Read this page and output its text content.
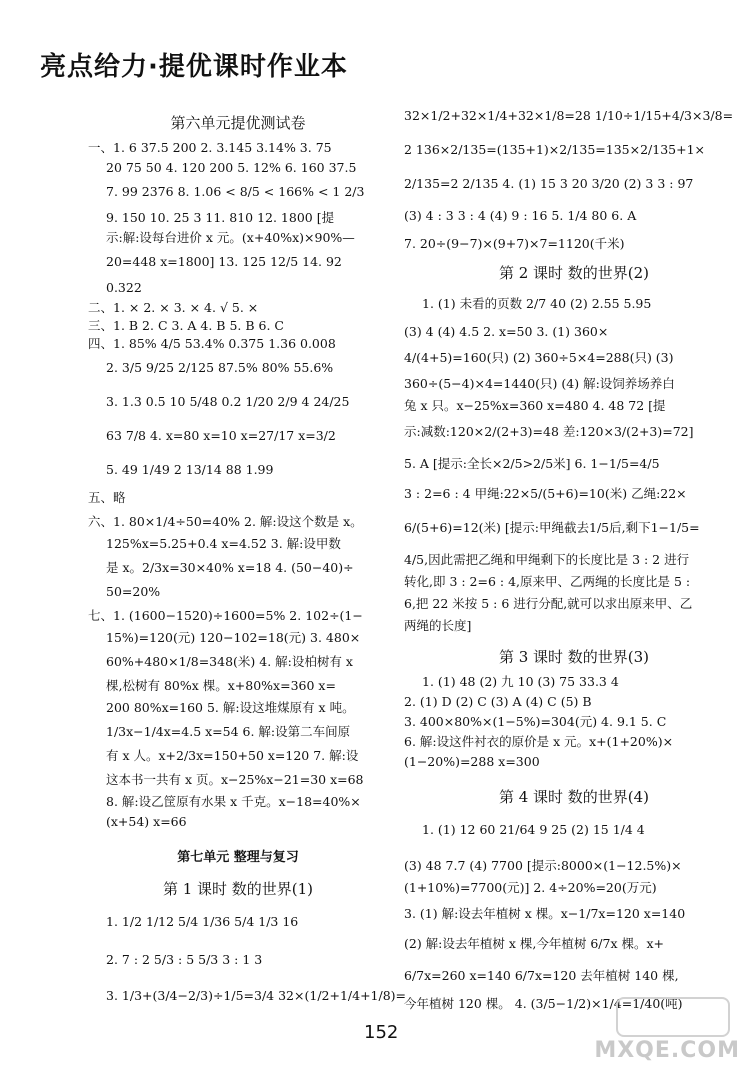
亮点给力·提优课时作业本
第六单元提优测试卷
一、1. 6 37.5 200 2. 3.145 3.14% 3. 75
20 75 50 4. 120 200 5. 12% 6. 160 37.5
7. 99 2376 8. 1.06 < 8/5 < 166% < 1 2/3
9. 150 10. 25 3 11. 810 12. 1800 [提
示:解:设每台进价 x 元。(x+40%x)×90%—
20=448 x=1800] 13. 125 12/5 14. 92
0.322
二、1. × 2. × 3. × 4. √ 5. ×
三、1. B 2. C 3. A 4. B 5. B 6. C
四、1. 85% 4/5 53.4% 0.375 1.36 0.008
2. 3/5 9/25 2/125 87.5% 80% 55.6%
3. 1.3 0.5 10 5/48 0.2 1/20 2/9 4 24/25
63 7/8 4. x=80 x=10 x=27/17 x=3/2
5. 49 1/49 2 13/14 88 1.99
五、略
六、1. 80×1/4÷50=40% 2. 解:设这个数是 x。
125%x=5.25+0.4 x=4.52 3. 解:设甲数
是 x。2/3x=30×40% x=18 4. (50−40)÷
50=20%
七、1. (1600−1520)÷1600=5% 2. 102÷(1−
15%)=120(元) 120−102=18(元) 3. 480×
60%+480×1/8=348(米) 4. 解:设柏树有 x
棵,松树有 80%x 棵。x+80%x=360 x=
200 80%x=160 5. 解:设这堆煤原有 x 吨。
1/3x−1/4x=4.5 x=54 6. 解:设第二车间原
有 x 人。x+2/3x=150+50 x=120 7. 解:设
这本书一共有 x 页。x−25%x−21=30 x=68
8. 解:设乙筐原有水果 x 千克。x−18=40%×
(x+54) x=66
第七单元 整理与复习
第 1 课时 数的世界(1)
1. 1/2 1/12 5/4 1/36 5/4 1/3 16
2. 7 : 2 5/3 : 5 5/3 3 : 1 3
3. 1/3+(3/4−2/3)÷1/5=3/4 32×(1/2+1/4+1/8)=
32×1/2+32×1/4+32×1/8=28 1/10÷1/15+4/3×3/8=
2 136×2/135=(135+1)×2/135=135×2/135+1×
2/135=2 2/135 4. (1) 15 3 20 3/20 (2) 3 3 : 97
(3) 4 : 3 3 : 4 (4) 9 : 16 5. 1/4 80 6. A
7. 20÷(9−7)×(9+7)×7=1120(千米)
第 2 课时 数的世界(2)
1. (1) 未看的页数 2/7 40 (2) 2.55 5.95
(3) 4 (4) 4.5 2. x=50 3. (1) 360×
4/(4+5)=160(只) (2) 360÷5×4=288(只) (3)
360÷(5−4)×4=1440(只) (4) 解:设饲养场养白
兔 x 只。x−25%x=360 x=480 4. 48 72 [提
示:减数:120×2/(2+3)=48 差:120×3/(2+3)=72]
5. A [提示:全长×2/5>2/5米] 6. 1−1/5=4/5
3 : 2=6 : 4 甲绳:22×5/(5+6)=10(米) 乙绳:22×
6/(5+6)=12(米) [提示:甲绳截去1/5后,剩下1−1/5=
4/5,因此需把乙绳和甲绳剩下的长度比是 3 : 2 进行
转化,即 3 : 2=6 : 4,原来甲、乙两绳的长度比是 5 :
6,把 22 米按 5 : 6 进行分配,就可以求出原来甲、乙
两绳的长度]
第 3 课时 数的世界(3)
1. (1) 48 (2) 九 10 (3) 75 33.3 4
2. (1) D (2) C (3) A (4) C (5) B
3. 400×80%×(1−5%)=304(元) 4. 9.1 5. C
6. 解:设这件衬衣的原价是 x 元。x+(1+20%)×
(1−20%)=288 x=300
第 4 课时 数的世界(4)
1. (1) 12 60 21/64 9 25 (2) 15 1/4 4
(3) 48 7.7 (4) 7700 [提示:8000×(1−12.5%)×
(1+10%)=7700(元)] 2. 4÷20%=20(万元)
3. (1) 解:设去年植树 x 棵。x−1/7x=120 x=140
(2) 解:设去年植树 x 棵,今年植树 6/7x 棵。x+
6/7x=260 x=140 6/7x=120 去年植树 140 棵,
今年植树 120 棵。 4. (3/5−1/2)×1/4=1/40(吨)
152
MXQE.COM
